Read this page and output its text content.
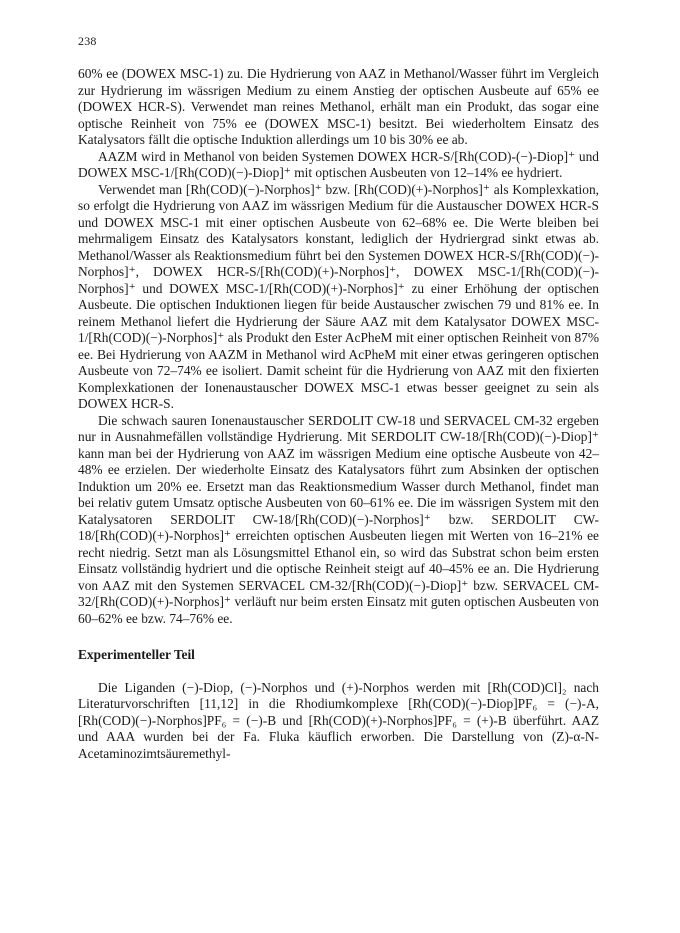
238

60% ee (DOWEX MSC-1) zu. Die Hydrierung von AAZ in Methanol/Wasser führt im Vergleich zur Hydrierung im wässrigen Medium zu einem Anstieg der optischen Ausbeute auf 65% ee (DOWEX HCR-S). Verwendet man reines Methanol, erhält man ein Produkt, das sogar eine optische Reinheit von 75% ee (DOWEX MSC-1) besitzt. Bei wiederholtem Einsatz des Katalysators fällt die optische Induktion allerdings um 10 bis 30% ee ab.

AAZM wird in Methanol von beiden Systemen DOWEX HCR-S/[Rh(COD)-(−)-Diop]⁺ und DOWEX MSC-1/[Rh(COD)(−)-Diop]⁺ mit optischen Ausbeuten von 12–14% ee hydriert.

Verwendet man [Rh(COD)(−)-Norphos]⁺ bzw. [Rh(COD)(+)-Norphos]⁺ als Komplexkation, so erfolgt die Hydrierung von AAZ im wässrigen Medium für die Austauscher DOWEX HCR-S und DOWEX MSC-1 mit einer optischen Ausbeute von 62–68% ee. Die Werte bleiben bei mehrmaligem Einsatz des Katalysators konstant, lediglich der Hydriergrad sinkt etwas ab. Methanol/Wasser als Reaktionsmedium führt bei den Systemen DOWEX HCR-S/[Rh(COD)(−)-Norphos]⁺, DOWEX HCR-S/[Rh(COD)(+)-Norphos]⁺, DOWEX MSC-1/[Rh(COD)(−)-Norphos]⁺ und DOWEX MSC-1/[Rh(COD)(+)-Norphos]⁺ zu einer Erhöhung der optischen Ausbeute. Die optischen Induktionen liegen für beide Austauscher zwischen 79 und 81% ee. In reinem Methanol liefert die Hydrierung der Säure AAZ mit dem Katalysator DOWEX MSC-1/[Rh(COD)(−)-Norphos]⁺ als Produkt den Ester AcPheM mit einer optischen Reinheit von 87% ee. Bei Hydrierung von AAZM in Methanol wird AcPheM mit einer etwas geringeren optischen Ausbeute von 72–74% ee isoliert. Damit scheint für die Hydrierung von AAZ mit den fixierten Komplexkationen der Ionenaustauscher DOWEX MSC-1 etwas besser geeignet zu sein als DOWEX HCR-S.

Die schwach sauren Ionenaustauscher SERDOLIT CW-18 und SERVACEL CM-32 ergeben nur in Ausnahmefällen vollständige Hydrierung. Mit SERDOLIT CW-18/[Rh(COD)(−)-Diop]⁺ kann man bei der Hydrierung von AAZ im wässrigen Medium eine optische Ausbeute von 42–48% ee erzielen. Der wiederholte Einsatz des Katalysators führt zum Absinken der optischen Induktion um 20% ee. Ersetzt man das Reaktionsmedium Wasser durch Methanol, findet man bei relativ gutem Umsatz optische Ausbeuten von 60–61% ee. Die im wässrigen System mit den Katalysatoren SERDOLIT CW-18/[Rh(COD)(−)-Norphos]⁺ bzw. SERDOLIT CW-18/[Rh(COD)(+)-Norphos]⁺ erreichten optischen Ausbeuten liegen mit Werten von 16–21% ee recht niedrig. Setzt man als Lösungsmittel Ethanol ein, so wird das Substrat schon beim ersten Einsatz vollständig hydriert und die optische Reinheit steigt auf 40–45% ee an. Die Hydrierung von AAZ mit den Systemen SERVACEL CM-32/[Rh(COD)(−)-Diop]⁺ bzw. SERVACEL CM-32/[Rh(COD)(+)-Norphos]⁺ verläuft nur beim ersten Einsatz mit guten optischen Ausbeuten von 60–62% ee bzw. 74–76% ee.

Experimenteller Teil

Die Liganden (−)-Diop, (−)-Norphos und (+)-Norphos werden mit [Rh(COD)Cl]₂ nach Literaturvorschriften [11,12] in die Rhodiumkomplexe [Rh(COD)(−)-Diop]PF₆ = (−)-A, [Rh(COD)(−)-Norphos]PF₆ = (−)-B und [Rh(COD)(+)-Norphos]PF₆ = (+)-B überführt. AAZ und AAA wurden bei der Fa. Fluka käuflich erworben. Die Darstellung von (Z)-α-N-Acetaminozimtsäuremethyl-
